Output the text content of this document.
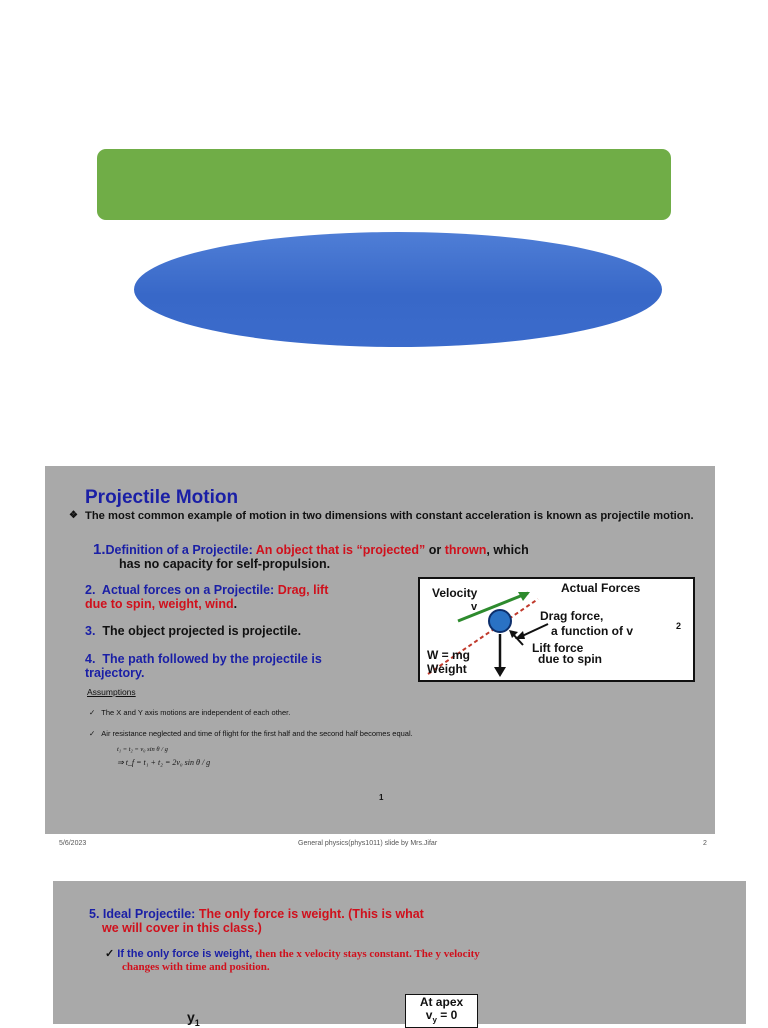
Projectile Motion
❖ The most common example of motion in two dimensions with constant acceleration is known as projectile motion.
1.Definition of a Projectile: An object that is “projected” or thrown, which
has no capacity for self-propulsion.
2. Actual forces on a Projectile: Drag, lift
due to spin, weight, wind.
3. The object projected is projectile.
4. The path followed by the projectile is
trajectory.
Velocity
v
Actual Forces
Drag force,
a function of v	2
Lift force
due to spin
W = mg
Weight
Assumptions
✓ The X and Y axis motions are independent of each other.
✓ Air resistance neglected and time of flight for the first half and the second half becomes equal.
t₁ = t₂ = v₀ sin θ / g
⇒ t_f = t₁ + t₂ = 2v₀ sin θ / g
1
5/6/2023	General physics(phys1011) slide by Mrs.Jifar	2
5. Ideal Projectile: The only force is weight. (This is what
we will cover in this class.)
✓ If the only force is weight, then the x velocity stays constant. The y velocity
changes with time and position.
$y_1$
At apex
$v_y = 0$
